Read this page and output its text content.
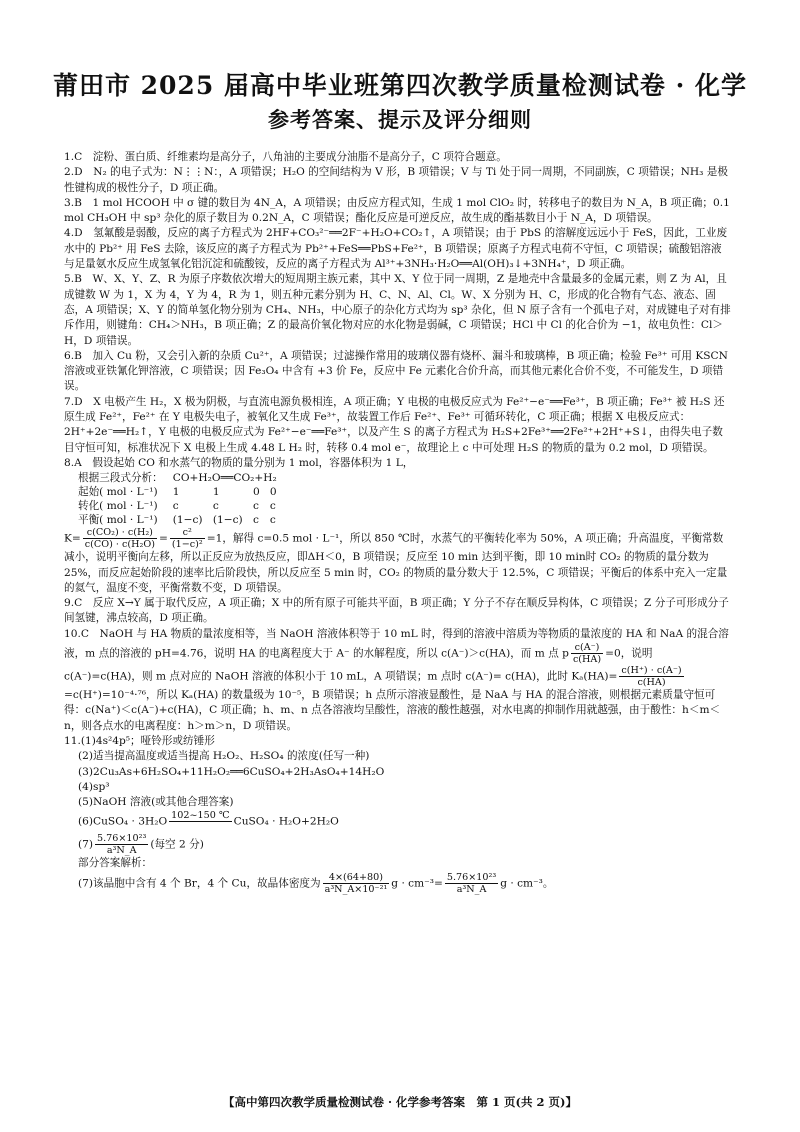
莆田市 2025 届高中毕业班第四次教学质量检测试卷 · 化学
参考答案、提示及评分细则

1.C　淀粉、蛋白质、纤维素均是高分子，八角油的主要成分油脂不是高分子，C 项符合题意。

2.D　N₂ 的电子式为：N⋮⋮N：，A 项错误；H₂O 的空间结构为 V 形，B 项错误；V 与 Ti 处于同一周期，不同副族，C 项错误；NH₃ 是极性键构成的极性分子，D 项正确。

3.B　1 mol HCOOH 中 σ 键的数目为 4N_A，A 项错误；由反应方程式知，生成 1 mol ClO₂ 时，转移电子的数目为 N_A，B 项正确；0.1 mol CH₃OH 中 sp³ 杂化的原子数目为 0.2N_A，C 项错误；酯化反应是可逆反应，故生成的酯基数目小于 N_A，D 项错误。

4.D　氢氟酸是弱酸，反应的离子方程式为 2HF+CO₃²⁻══2F⁻+H₂O+CO₂↑，A 项错误；由于 PbS 的溶解度远远小于 FeS，因此，工业废水中的 Pb²⁺ 用 FeS 去除，该反应的离子方程式为 Pb²⁺+FeS══PbS+Fe²⁺，B 项错误；原离子方程式电荷不守恒，C 项错误；硫酸铝溶液与足量氨水反应生成氢氧化铝沉淀和硫酸铵，反应的离子方程式为 Al³⁺+3NH₃·H₂O══Al(OH)₃↓+3NH₄⁺，D 项正确。

5.B　W、X、Y、Z、R 为原子序数依次增大的短周期主族元素，其中 X、Y 位于同一周期，Z 是地壳中含量最多的金属元素，则 Z 为 Al，且成键数 W 为 1，X 为 4，Y 为 4，R 为 1，则五种元素分别为 H、C、N、Al、Cl。W、X 分别为 H、C，形成的化合物有气态、液态、固态，A 项错误；X、Y 的简单氢化物分别为 CH₄、NH₃，中心原子的杂化方式均为 sp³ 杂化，但 N 原子含有一个孤电子对，对成键电子对有排斥作用，则键角：CH₄＞NH₃，B 项正确；Z 的最高价氧化物对应的水化物是弱碱，C 项错误；HCl 中 Cl 的化合价为 −1，故电负性：Cl＞H，D 项错误。

6.B　加入 Cu 粉，又会引入新的杂质 Cu²⁺，A 项错误；过滤操作常用的玻璃仪器有烧杯、漏斗和玻璃棒，B 项正确；检验 Fe³⁺ 可用 KSCN 溶液或亚铁氰化钾溶液，C 项错误；因 Fe₃O₄ 中含有 +3 价 Fe，反应中 Fe 元素化合价升高，而其他元素化合价不变，不可能发生，D 项错误。

7.D　X 电极产生 H₂，X 极为阴极，与直流电源负极相连，A 项正确；Y 电极的电极反应式为 Fe²⁺−e⁻══Fe³⁺，B 项正确；Fe³⁺ 被 H₂S 还原生成 Fe²⁺，Fe²⁺ 在 Y 电极失电子，被氧化又生成 Fe³⁺，故装置工作后 Fe²⁺、Fe³⁺ 可循环转化，C 项正确；根据 X 电极反应式：2H⁺+2e⁻══H₂↑，Y 电极的电极反应式为 Fe²⁺−e⁻══Fe³⁺，以及产生 S 的离子方程式为 H₂S+2Fe³⁺══2Fe²⁺+2H⁺+S↓，由得失电子数目守恒可知，标准状况下 X 电极上生成 4.48 L H₂ 时，转移 0.4 mol e⁻，故理论上 c 中可处理 H₂S 的物质的量为 0.2 mol，D 项错误。

8.A　假设起始 CO 和水蒸气的物质的量分别为 1 mol，容器体积为 1 L，

根据三段式分析：	CO+H₂O══CO₂+H₂			
起始( mol · L⁻¹)	1	1	0	0
转化( mol · L⁻¹)	c	c	c	c
平衡( mol · L⁻¹)	(1−c)	(1−c)	c	c

$K= \frac{\text{c(CO₂) · c(H₂)}}{\text{c(CO) · c(H₂O)}} = \frac{\text{c²}}{\text{(1−c)²}} =1$，解得 c=0.5 mol · L⁻¹，所以 850 ℃时，水蒸气的平衡转化率为 50%，A 项正确；升高温度，平衡常数减小，说明平衡向左移，所以正反应为放热反应，即ΔH＜0，B 项错误；反应至 10 min 达到平衡，即 10 min时 CO₂ 的物质的量分数为 25%，而反应起始阶段的速率比后阶段快，所以反应至 5 min 时，CO₂ 的物质的量分数大于 12.5%，C 项错误；平衡后的体系中充入一定量的氦气，温度不变，平衡常数不变，D 项错误。

9.C　反应 X→Y 属于取代反应，A 项正确；X 中的所有原子可能共平面，B 项正确；Y 分子不存在顺反异构体，C 项错误；Z 分子可形成分子间氢键，沸点较高，D 项正确。

10.C　NaOH 与 HA 物质的量浓度相等，当 NaOH 溶液体积等于 10 mL 时，得到的溶液中溶质为等物质的量浓度的 HA 和 NaA 的混合溶液，m 点的溶液的 pH=4.76，说明 HA 的电离程度大于 A⁻ 的水解程度，所以 c(A⁻)＞c(HA)，而 m 点 p $\frac{c(A^-)}{c(HA)} =0$，说明 c(A⁻)=c(HA)，则 m 点对应的 NaOH 溶液的体积小于 10 mL，A 项错误；m 点时 c(A⁻)= c(HA)，此时 $K_a(HA)= \frac{c(H^+) \cdot c(A^-)}{c(HA)}$
=c(H⁺)=10⁻⁴·⁷⁶，所以 Kₐ(HA) 的数量级为 10⁻⁵，B 项错误；h 点所示溶液显酸性，是 NaA 与 HA 的混合溶液，则根据元素质量守恒可得：c(Na⁺)＜c(A⁻)+c(HA)，C 项正确；h、m、n 点各溶液均呈酸性，溶液的酸性越强，对水电离的抑制作用就越强，由于酸性：h＜m＜n，则各点水的电离程度：h＞m＞n，D 项错误。

11.(1)4s²4p⁵；哑铃形或纺锤形

(2)适当提高温度或适当提高 H₂O₂、H₂SO₄ 的浓度(任写一种)

(3)2Cu₃As+6H₂SO₄+11H₂O₂══6CuSO₄+2H₃AsO₄+14H₂O

(4)sp³

(5)NaOH 溶液(或其他合理答案)

(6)CuSO₄ · 3H₂O 102~150 ℃
CuSO₄ · H₂O+2H₂O

$(7) \frac{\text{5.76×10²³}}{\text{a³N\_A}}$ (每空 2 分)

部分答案解析：

(7)该晶胞中含有 4 个 Br，4 个 Cu，故晶体密度为 $\frac{4\times(64+80)}{\text{a³N\_A×10⁻²¹}}$ $g \cdot cm^{-3}= \frac{\text{5.76×10²³}}{\text{a³N\_A}}$ g · cm⁻³。

【高中第四次教学质量检测试卷 · 化学参考答案　第 1 页(共 2 页)】
